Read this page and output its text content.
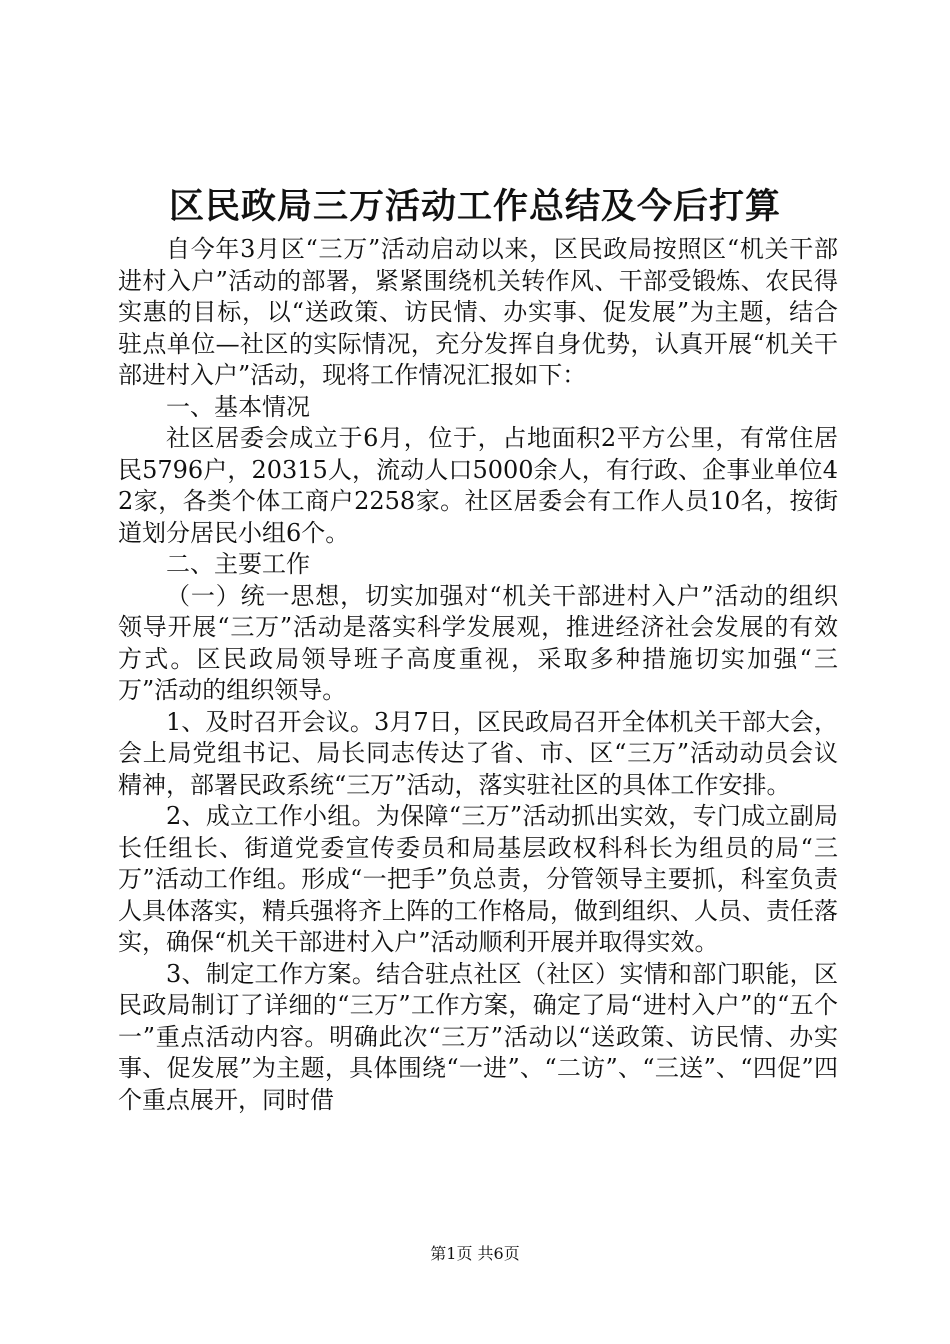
区民政局三万活动工作总结及今后打算

自今年3月区“三万”活动启动以来，区民政局按照区“机关干部进村入户”活动的部署，紧紧围绕机关转作风、干部受锻炼、农民得实惠的目标，以“送政策、访民情、办实事、促发展”为主题，结合驻点单位—社区的实际情况，充分发挥自身优势，认真开展“机关干部进村入户”活动，现将工作情况汇报如下：

一、基本情况

社区居委会成立于6月，位于，占地面积2平方公里，有常住居民5796户，20315人，流动人口5000余人，有行政、企事业单位42家，各类个体工商户2258家。社区居委会有工作人员10名，按街道划分居民小组6个。

二、主要工作

（一）统一思想，切实加强对“机关干部进村入户”活动的组织领导开展“三万”活动是落实科学发展观，推进经济社会发展的有效方式。区民政局领导班子高度重视，采取多种措施切实加强“三万”活动的组织领导。

1、及时召开会议。3月7日，区民政局召开全体机关干部大会，会上局党组书记、局长同志传达了省、市、区“三万”活动动员会议精神，部署民政系统“三万”活动，落实驻社区的具体工作安排。

2、成立工作小组。为保障“三万”活动抓出实效，专门成立副局长任组长、街道党委宣传委员和局基层政权科科长为组员的局“三万”活动工作组。形成“一把手”负总责，分管领导主要抓，科室负责人具体落实，精兵强将齐上阵的工作格局，做到组织、人员、责任落实，确保“机关干部进村入户”活动顺利开展并取得实效。

3、制定工作方案。结合驻点社区（社区）实情和部门职能，区民政局制订了详细的“三万”工作方案，确定了局“进村入户”的“五个一”重点活动内容。明确此次“三万”活动以“送政策、访民情、办实事、促发展”为主题，具体围绕“一进”、“二访”、“三送”、“四促”四个重点展开，同时借

第1页 共6页
